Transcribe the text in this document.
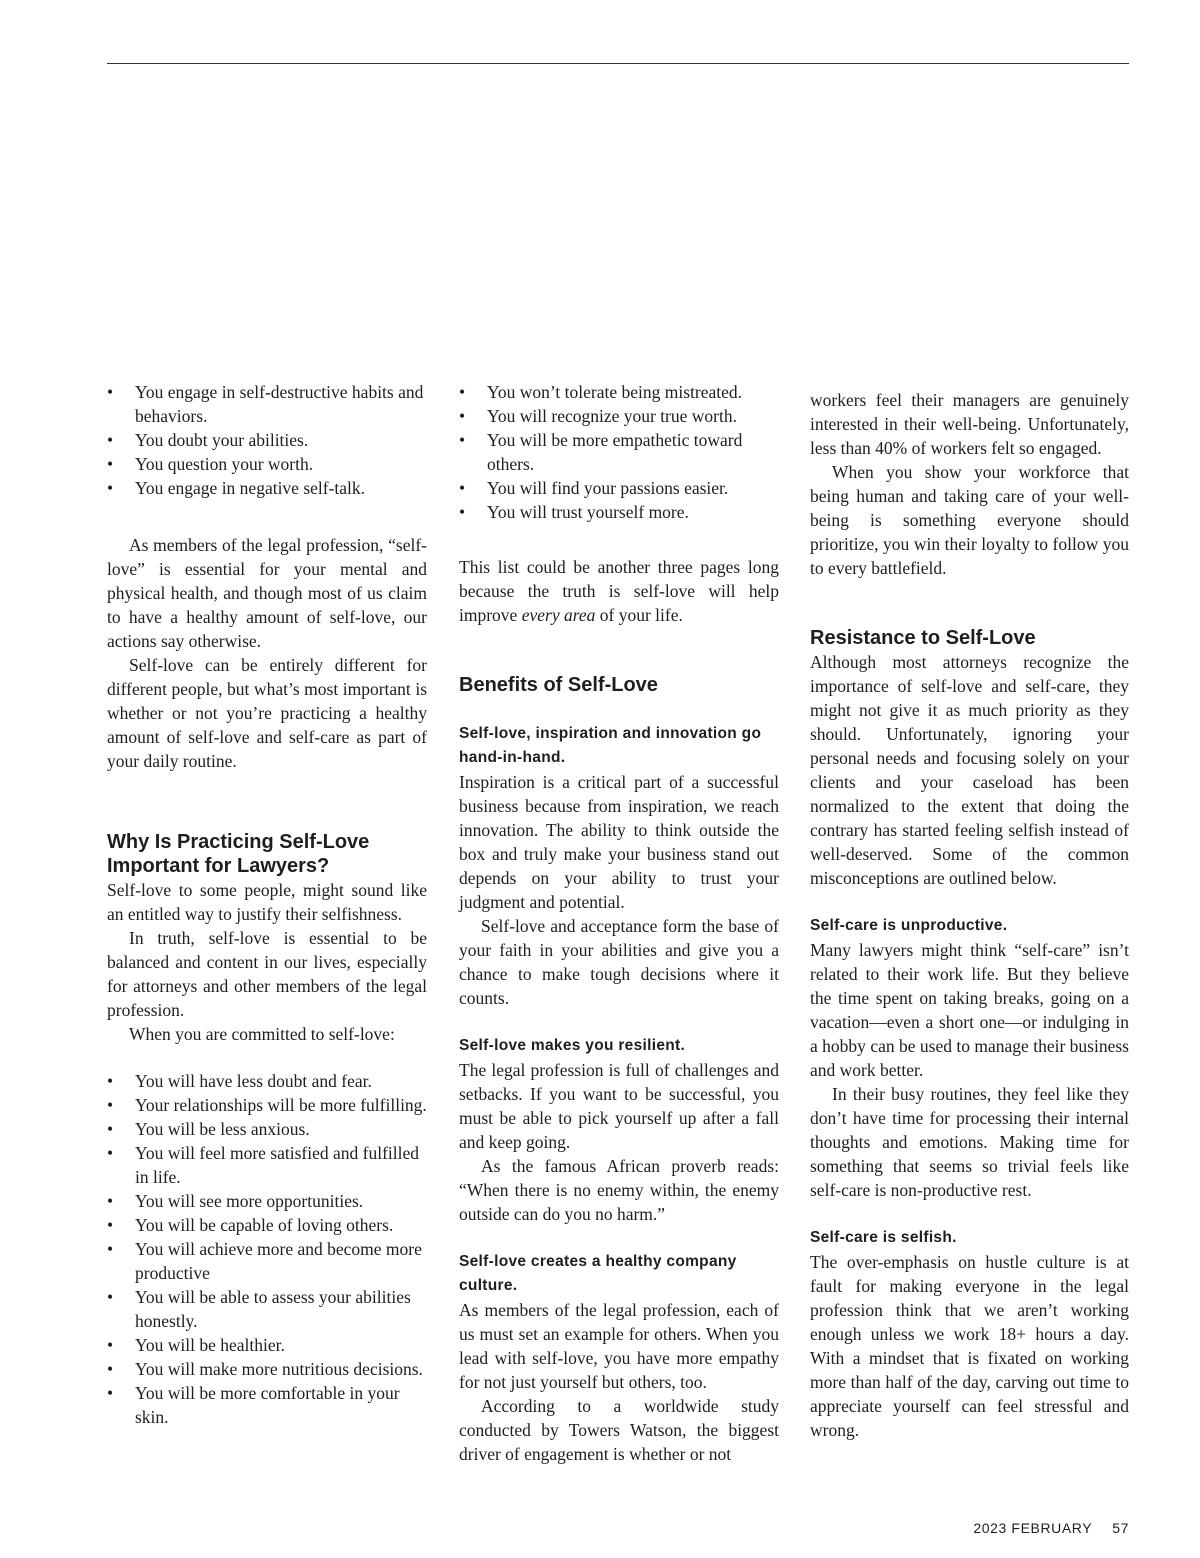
• You engage in self-destructive habits and behaviors.
• You doubt your abilities.
• You question your worth.
• You engage in negative self-talk.

As members of the legal profession, “self-love” is essential for your mental and physical health, and though most of us claim to have a healthy amount of self-love, our actions say otherwise.

Self-love can be entirely different for different people, but what’s most important is whether or not you’re practicing a healthy amount of self-love and self-care as part of your daily routine.

Why Is Practicing Self-Love Important for Lawyers?

Self-love to some people, might sound like an entitled way to justify their selfishness.

In truth, self-love is essential to be balanced and content in our lives, especially for attorneys and other members of the legal profession.

When you are committed to self-love:

• You will have less doubt and fear.
• Your relationships will be more fulfilling.
• You will be less anxious.
• You will feel more satisfied and fulfilled in life.
• You will see more opportunities.
• You will be capable of loving others.
• You will achieve more and become more productive
• You will be able to assess your abilities honestly.
• You will be healthier.
• You will make more nutritious decisions.
• You will be more comfortable in your skin.
• You won’t tolerate being mistreated.
• You will recognize your true worth.
• You will be more empathetic toward others.
• You will find your passions easier.
• You will trust yourself more.

This list could be another three pages long because the truth is self-love will help improve every area of your life.

Benefits of Self-Love
Self-love, inspiration and innovation go hand-in-hand.

Inspiration is a critical part of a successful business because from inspiration, we reach innovation. The ability to think outside the box and truly make your business stand out depends on your ability to trust your judgment and potential.

Self-love and acceptance form the base of your faith in your abilities and give you a chance to make tough decisions where it counts.

Self-love makes you resilient.

The legal profession is full of challenges and setbacks. If you want to be successful, you must be able to pick yourself up after a fall and keep going.

As the famous African proverb reads: “When there is no enemy within, the enemy outside can do you no harm.”

Self-love creates a healthy company culture.

As members of the legal profession, each of us must set an example for others. When you lead with self-love, you have more empathy for not just yourself but others, too.

According to a worldwide study conducted by Towers Watson, the biggest driver of engagement is whether or not

workers feel their managers are genuinely interested in their well-being. Unfortunately, less than 40% of workers felt so engaged.

When you show your workforce that being human and taking care of your well-being is something everyone should prioritize, you win their loyalty to follow you to every battlefield.

Resistance to Self-Love

Although most attorneys recognize the importance of self-love and self-care, they might not give it as much priority as they should. Unfortunately, ignoring your personal needs and focusing solely on your clients and your caseload has been normalized to the extent that doing the contrary has started feeling selfish instead of well-deserved. Some of the common misconceptions are outlined below.

Self-care is unproductive.

Many lawyers might think “self-care” isn’t related to their work life. But they believe the time spent on taking breaks, going on a vacation—even a short one—or indulging in a hobby can be used to manage their business and work better.

In their busy routines, they feel like they don’t have time for processing their internal thoughts and emotions. Making time for something that seems so trivial feels like self-care is non-productive rest.

Self-care is selfish.

The over-emphasis on hustle culture is at fault for making everyone in the legal profession think that we aren’t working enough unless we work 18+ hours a day. With a mindset that is fixated on working more than half of the day, carving out time to appreciate yourself can feel stressful and wrong.

2023 FEBRUARY 57
